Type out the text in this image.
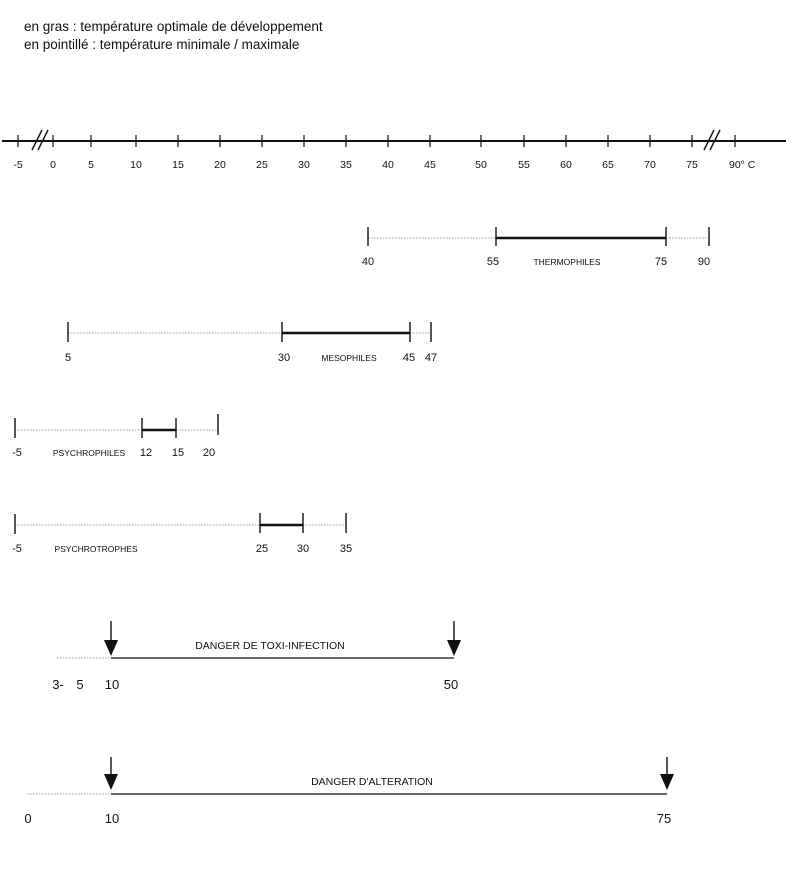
en gras : température optimale de développement
en pointillé : température minimale / maximale
-5	0	5	10	15	20	25	30	35	40	45	50	55	60	65	70	75	90° C
40	55	THERMOPHILES	75	90
5	30	MESOPHILES 45 47
-5	PSYCHROPHILES 12 15 20
-5	PSYCHROTROPHES	25	30	35
DANGER DE TOXI-INFECTION
3- 5 10	50
DANGER D'ALTERATION
0	10	75
